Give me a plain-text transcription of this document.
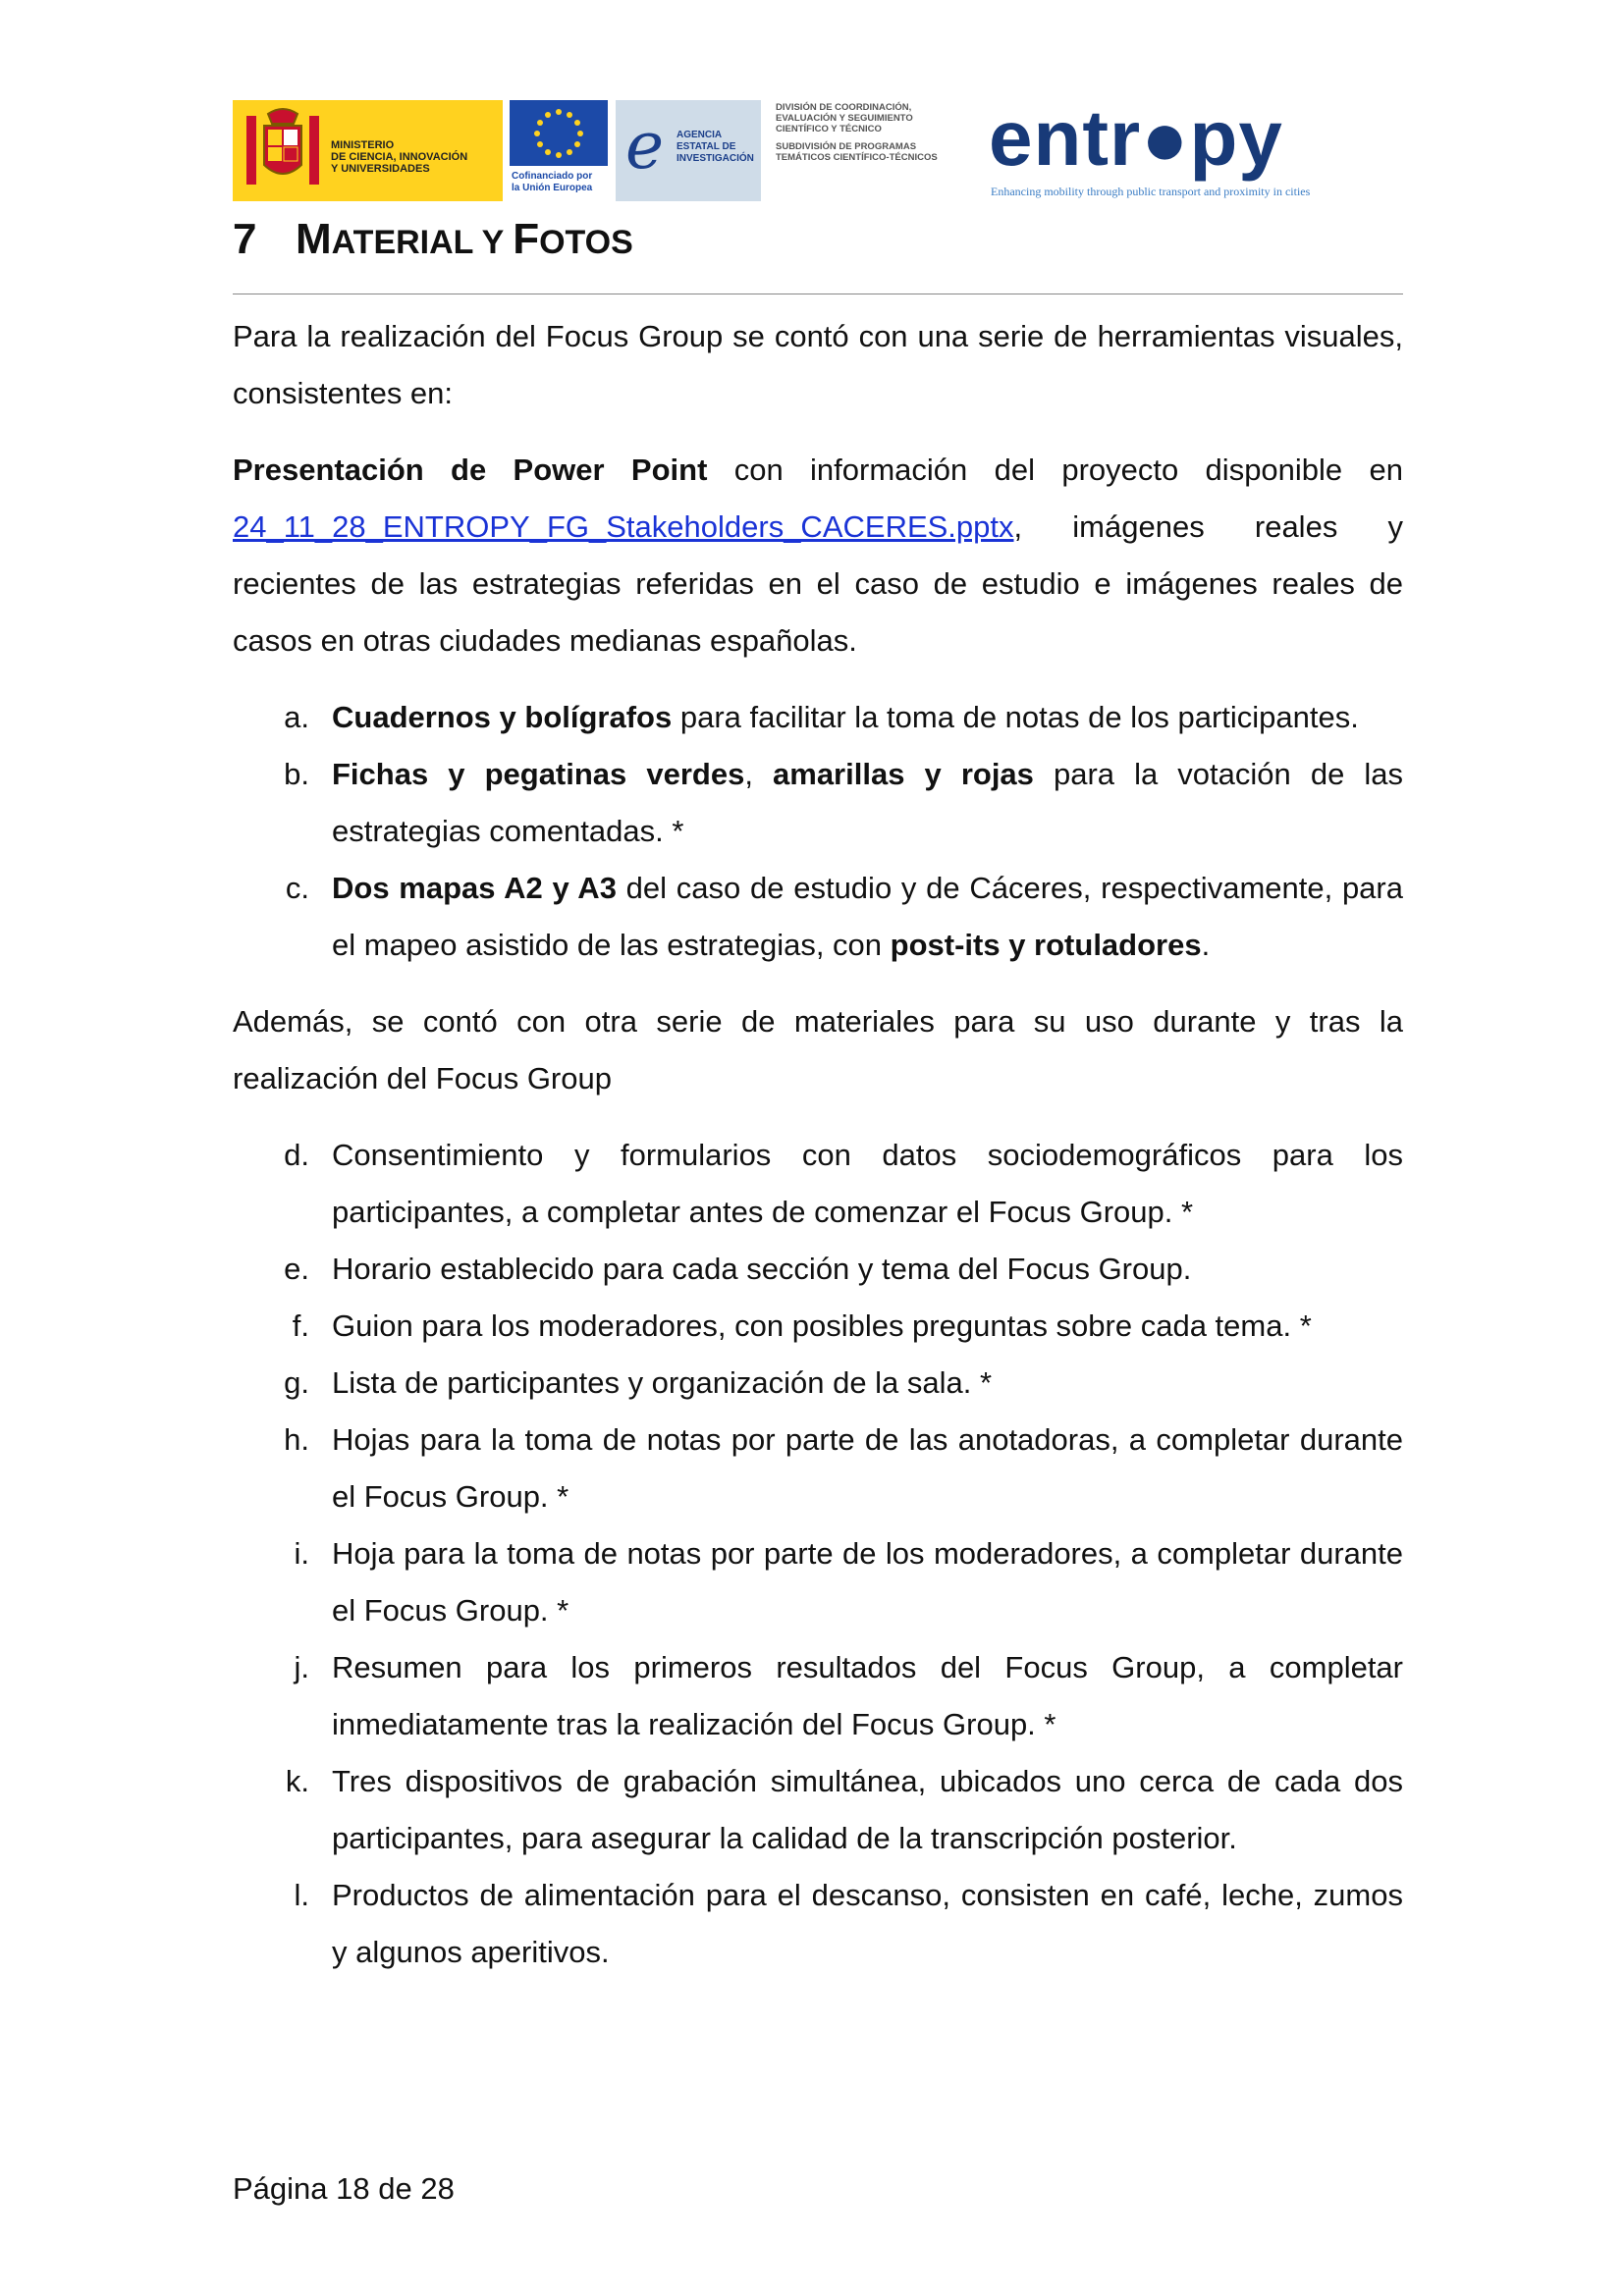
MINISTERIO
DE CIENCIA, INNOVACIÓN
Y UNIVERSIDADES
Cofinanciado por
la Unión Europea
e AGENCIA
ESTATAL DE
INVESTIGACIÓN
DIVISIÓN DE COORDINACIÓN,
EVALUACIÓN Y SEGUIMIENTO
CIENTÍFICO Y TÉCNICO
SUBDIVISIÓN DE PROGRAMAS
TEMÁTICOS CIENTÍFICO-TÉCNICOS entr●py
Enhancing mobility through public transport and proximity in cities
7 MATERIAL Y FOTOS

Para la realización del Focus Group se contó con una serie de herramientas visuales, consistentes en:

Presentación de Power Point con información del proyecto disponible en 24_11_28_ENTROPY_FG_Stakeholders_CACERES.pptx, imágenes reales y recientes de las estrategias referidas en el caso de estudio e imágenes reales de casos en otras ciudades medianas españolas.

a. Cuadernos y bolígrafos para facilitar la toma de notas de los participantes.
b. Fichas y pegatinas verdes, amarillas y rojas para la votación de las estrategias comentadas. *
c. Dos mapas A2 y A3 del caso de estudio y de Cáceres, respectivamente, para el mapeo asistido de las estrategias, con post-its y rotuladores.

Además, se contó con otra serie de materiales para su uso durante y tras la realización del Focus Group

d. Consentimiento y formularios con datos sociodemográficos para los participantes, a completar antes de comenzar el Focus Group. *
e. Horario establecido para cada sección y tema del Focus Group.
f. Guion para los moderadores, con posibles preguntas sobre cada tema. *
g. Lista de participantes y organización de la sala. *
h. Hojas para la toma de notas por parte de las anotadoras, a completar durante el Focus Group. *
i. Hoja para la toma de notas por parte de los moderadores, a completar durante el Focus Group. *
j. Resumen para los primeros resultados del Focus Group, a completar inmediatamente tras la realización del Focus Group. *
k. Tres dispositivos de grabación simultánea, ubicados uno cerca de cada dos participantes, para asegurar la calidad de la transcripción posterior.
l. Productos de alimentación para el descanso, consisten en café, leche, zumos y algunos aperitivos.
Página 18 de 28
